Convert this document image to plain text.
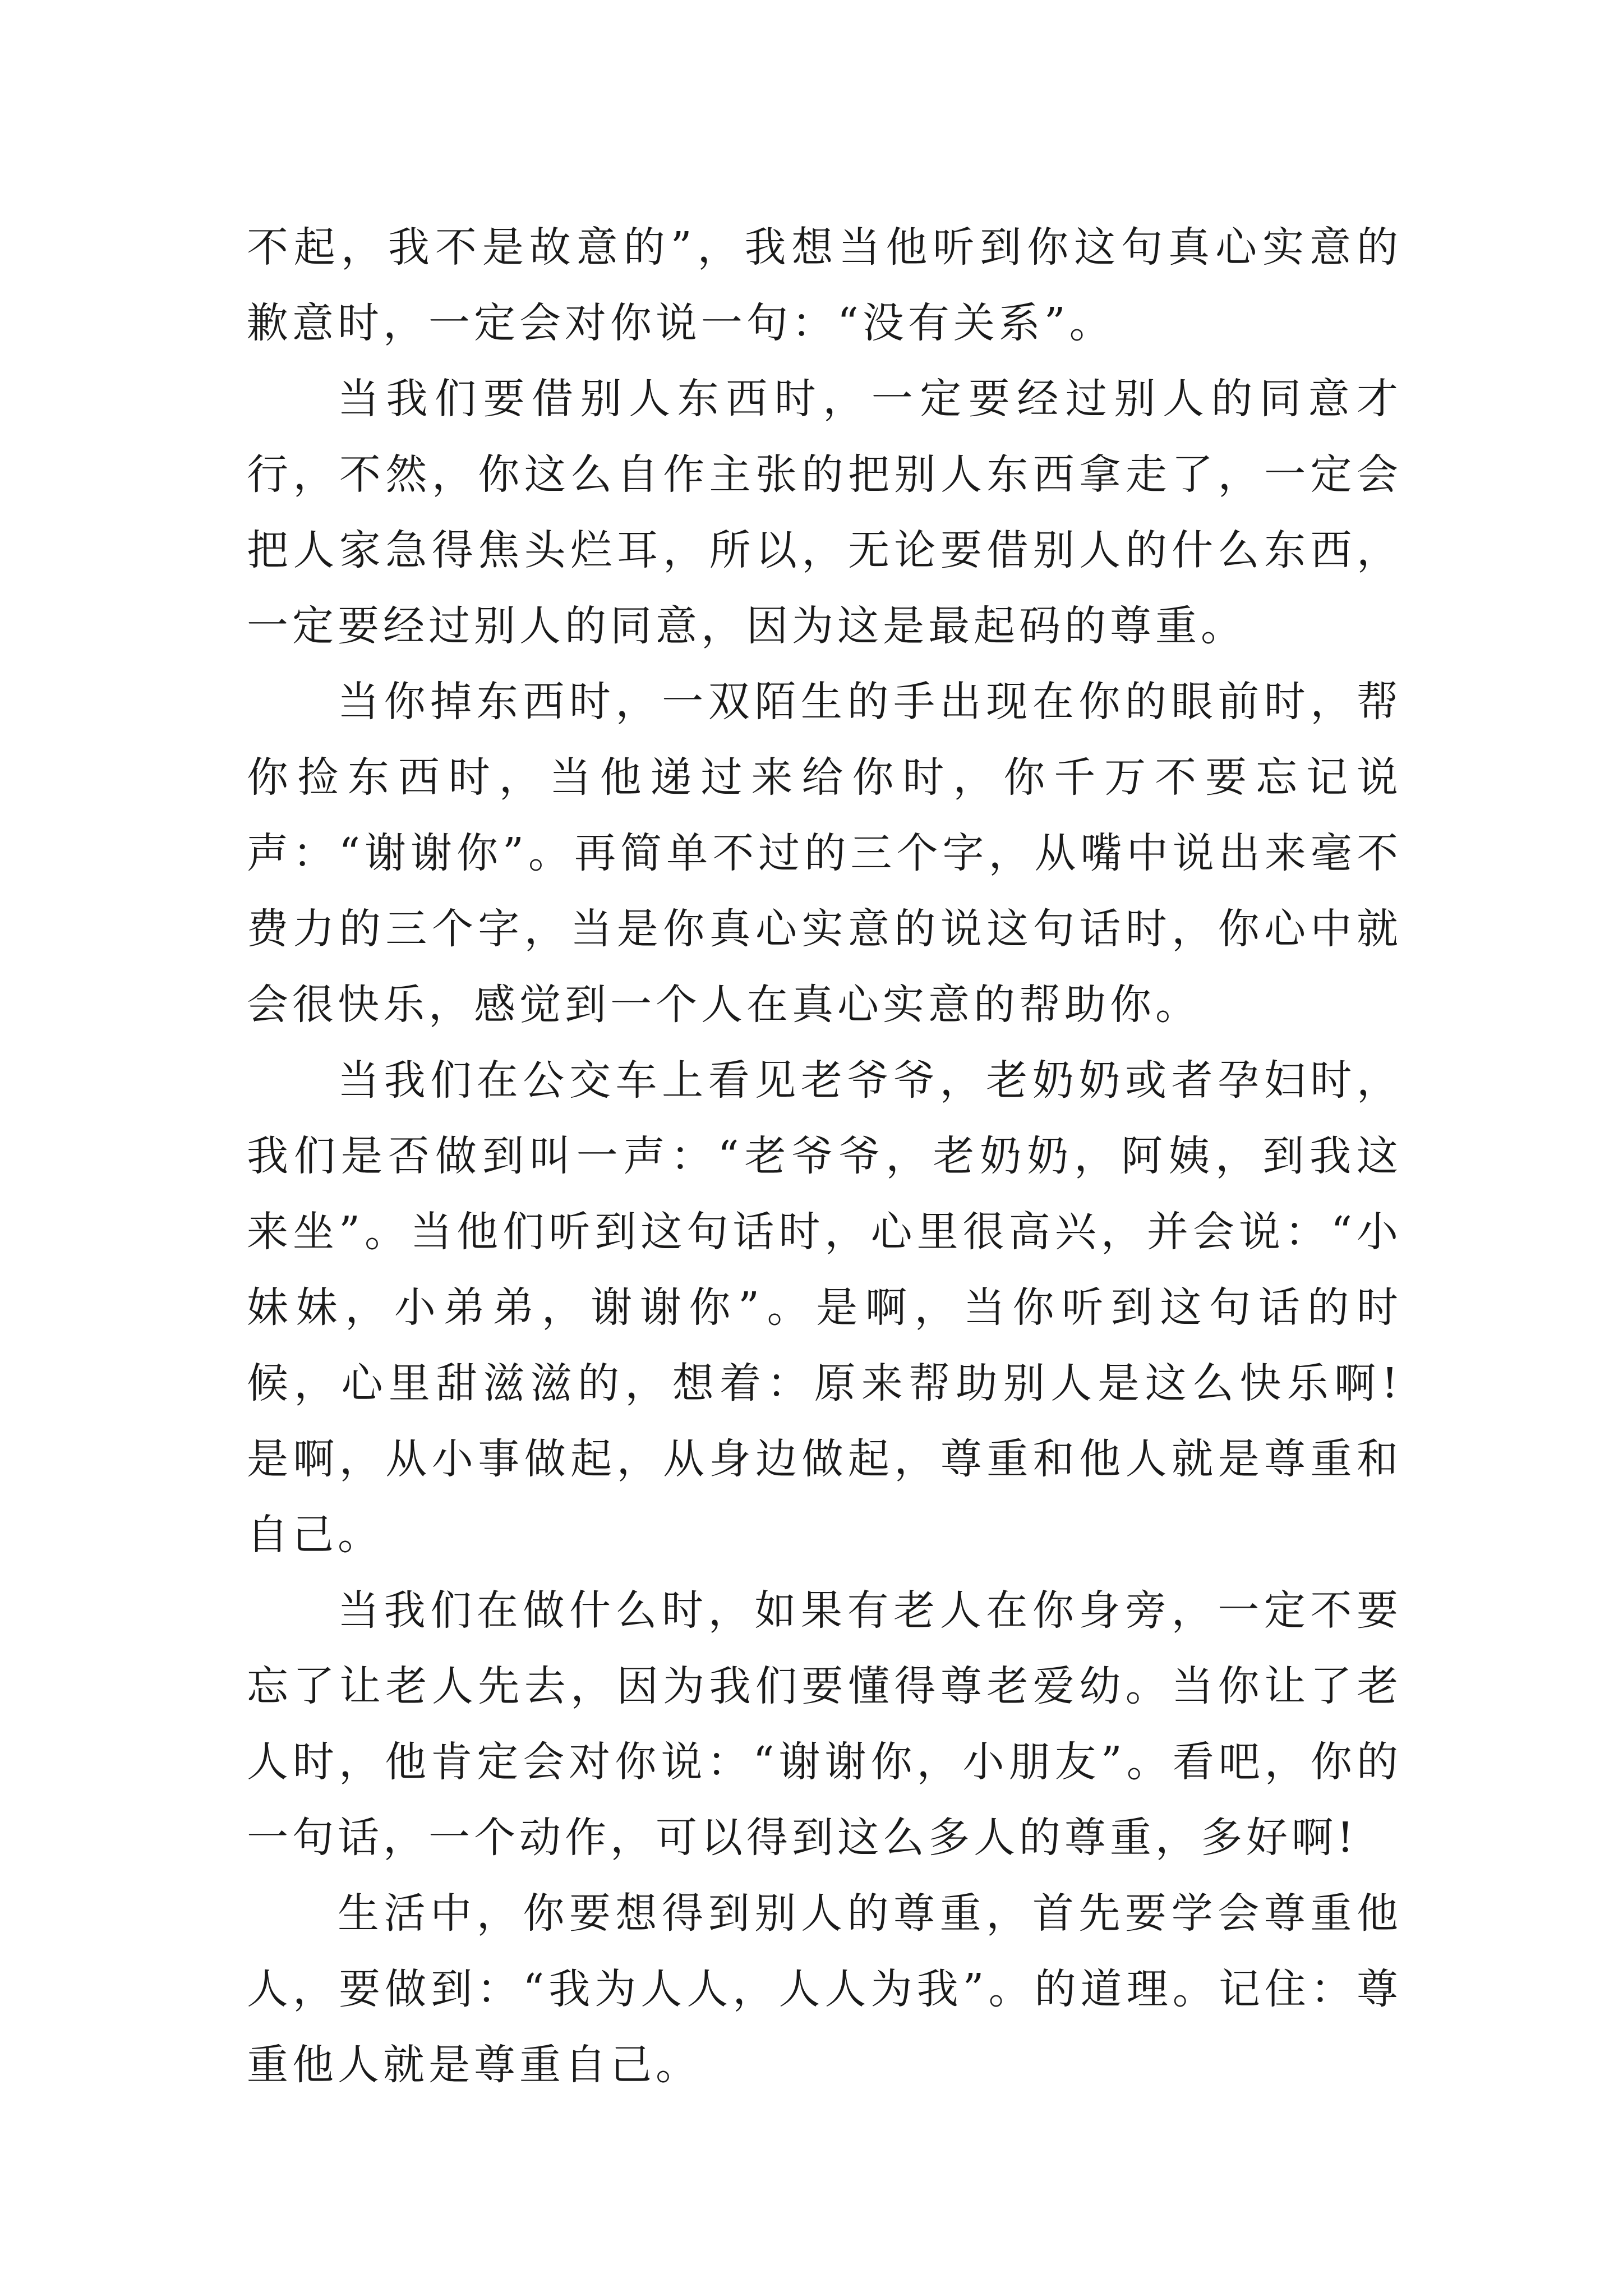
不起，我不是故意的”，我想当他听到你这句真心实意的歉意时，一定会对你说一句：“没有关系”。

当我们要借别人东西时，一定要经过别人的同意才行，不然，你这么自作主张的把别人东西拿走了，一定会把人家急得焦头烂耳，所以，无论要借别人的什么东西，一定要经过别人的同意，因为这是最起码的尊重。

当你掉东西时，一双陌生的手出现在你的眼前时，帮你捡东西时，当他递过来给你时，你千万不要忘记说声：“谢谢你”。再简单不过的三个字，从嘴中说出来毫不费力的三个字，当是你真心实意的说这句话时，你心中就会很快乐，感觉到一个人在真心实意的帮助你。

当我们在公交车上看见老爷爷，老奶奶或者孕妇时，我们是否做到叫一声：“老爷爷，老奶奶，阿姨，到我这来坐”。当他们听到这句话时，心里很高兴，并会说：“小妹妹，小弟弟，谢谢你”。是啊，当你听到这句话的时候，心里甜滋滋的，想着：原来帮助别人是这么快乐啊!是啊，从小事做起，从身边做起，尊重和他人就是尊重和自己。

当我们在做什么时，如果有老人在你身旁，一定不要忘了让老人先去，因为我们要懂得尊老爱幼。当你让了老人时，他肯定会对你说：“谢谢你，小朋友”。看吧，你的一句话，一个动作，可以得到这么多人的尊重，多好啊!

生活中，你要想得到别人的尊重，首先要学会尊重他人，要做到：“我为人人，人人为我”。的道理。记住：尊重他人就是尊重自己。
